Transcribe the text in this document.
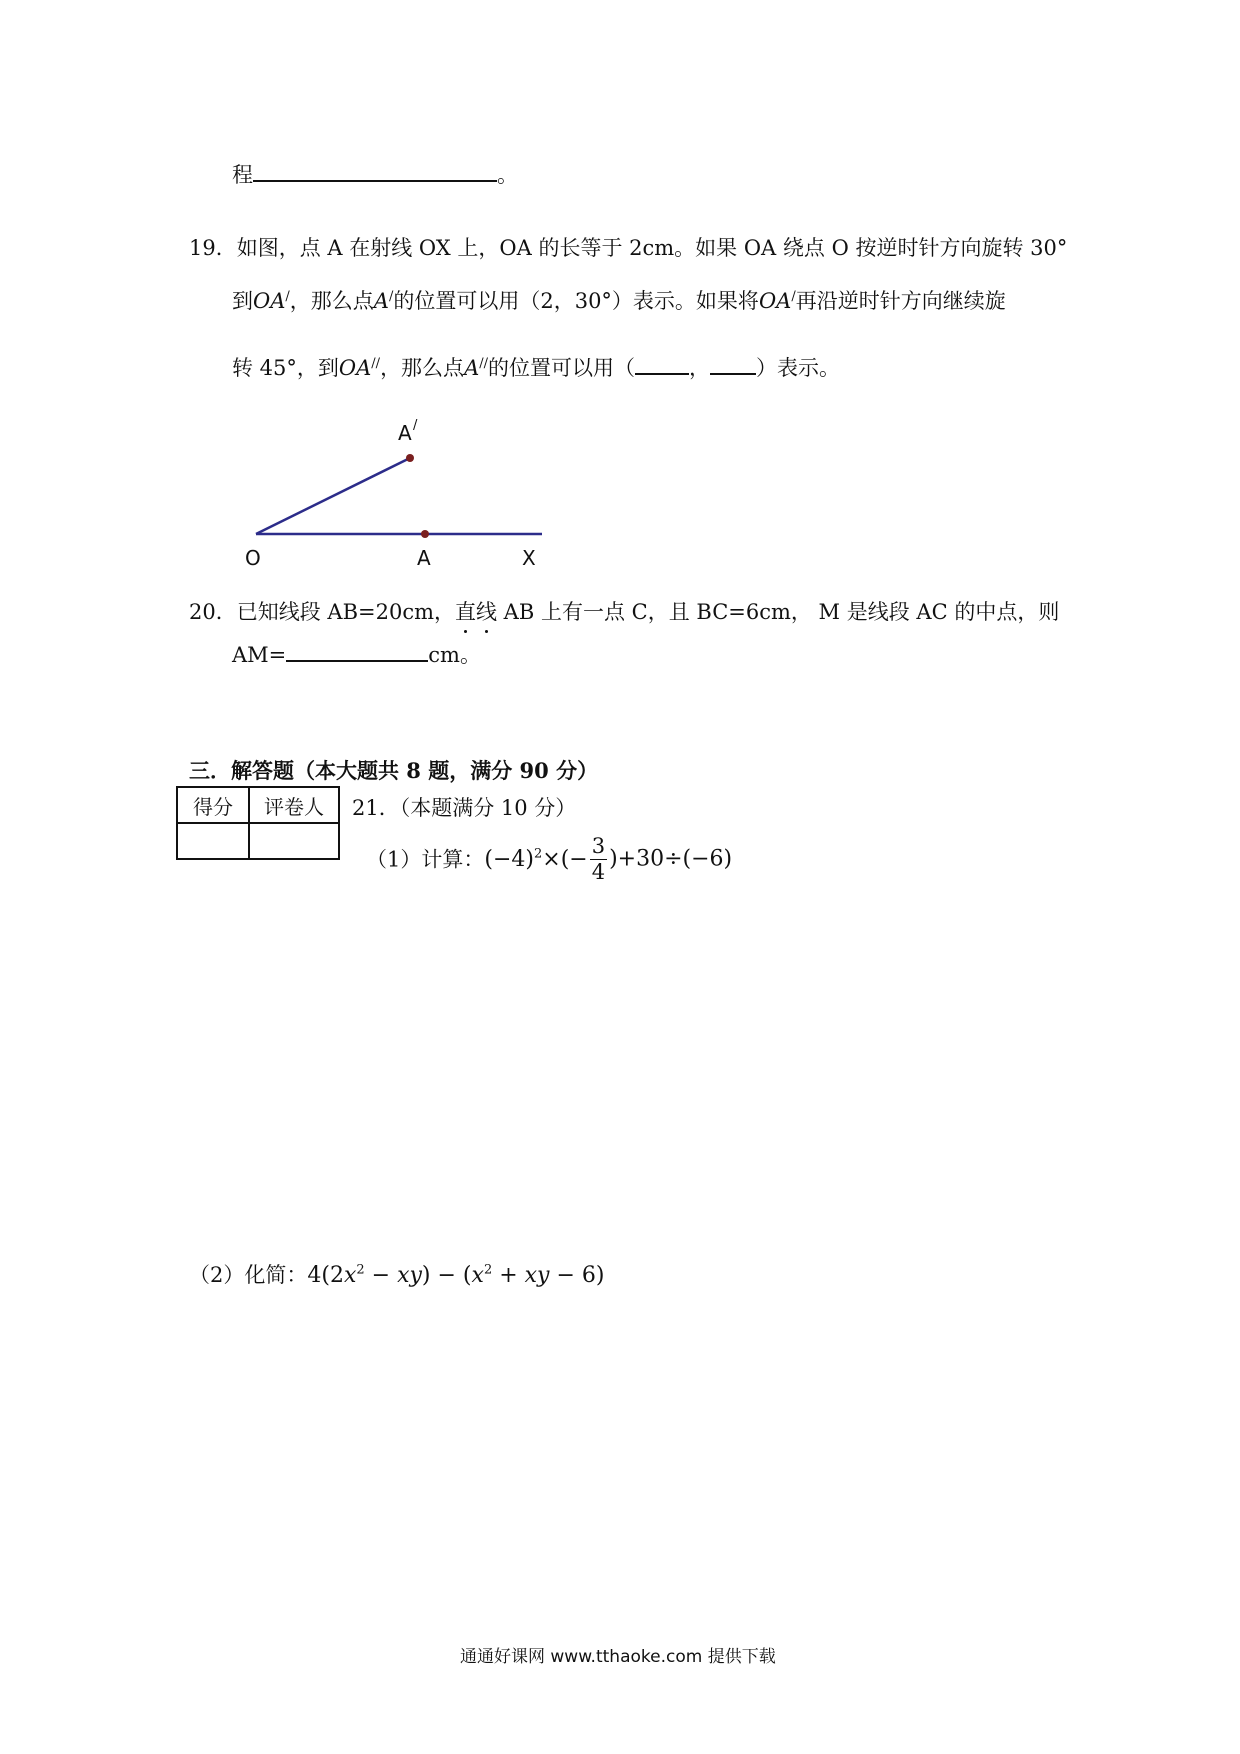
程	。
19．如图，点 A 在射线 OX 上，OA 的长等于 2cm。如果 OA 绕点 O 按逆时针方向旋转 30°
到OA/，那么点A/的位置可以用（2，30°）表示。如果将OA/再沿逆时针方向继续旋
转 45°，到OA//，那么点A//的位置可以用（	， ）表示。
A /
O	A	X
20．已知线段 AB=20cm，直线 AB 上有一点 C，且 BC=6cm， M 是线段 AC 的中点，则
AM=	cm。
三．解答题（本大题共 8 题，满分 90 分）
得分	评卷人
	21．（本题满分 10 分）
（1）计算：$(-4)^2\times(- \frac{3}{4} )+30\div(-6)$
（2）化简：$4(2x^2 - xy) - (x^2$ + xy − 6)
通通好课网 www.tthaoke.com 提供下载
